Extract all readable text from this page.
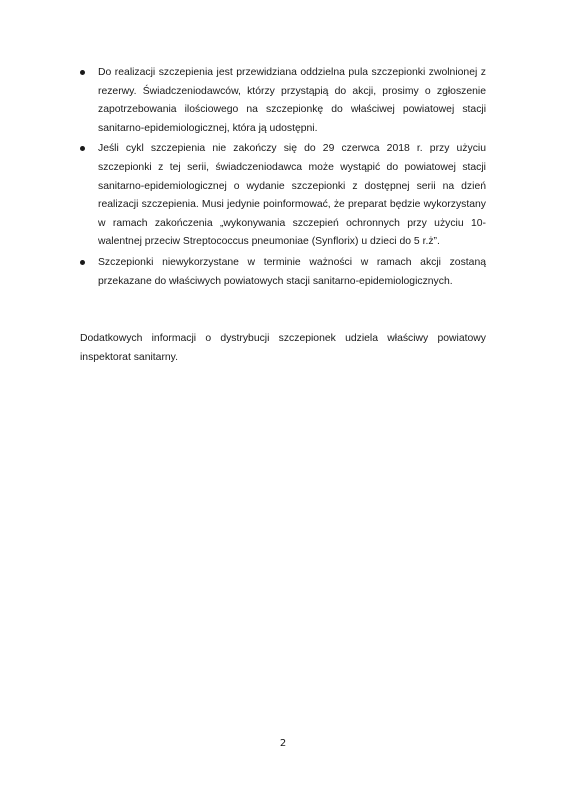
Do realizacji szczepienia jest przewidziana oddzielna pula szczepionki zwolnionej z rezerwy. Świadczeniodawców, którzy przystąpią do akcji, prosimy o zgłoszenie zapotrzebowania ilościowego na szczepionkę do właściwej powiatowej stacji sanitarno-epidemiologicznej, która ją udostępni.
Jeśli cykl szczepienia nie zakończy się do 29 czerwca 2018 r. przy użyciu szczepionki z tej serii, świadczeniodawca może wystąpić do powiatowej stacji sanitarno-epidemiologicznej o wydanie szczepionki z dostępnej serii na dzień realizacji szczepienia. Musi jedynie poinformować, że preparat będzie wykorzystany w ramach zakończenia „wykonywania szczepień ochronnych przy użyciu 10-walentnej przeciw Streptococcus pneumoniae (Synflorix) u dzieci do 5 r.ż”.
Szczepionki niewykorzystane w terminie ważności w ramach akcji zostaną przekazane do właściwych powiatowych stacji sanitarno-epidemiologicznych.

Dodatkowych informacji o dystrybucji szczepionek udziela właściwy powiatowy inspektorat sanitarny.

2
